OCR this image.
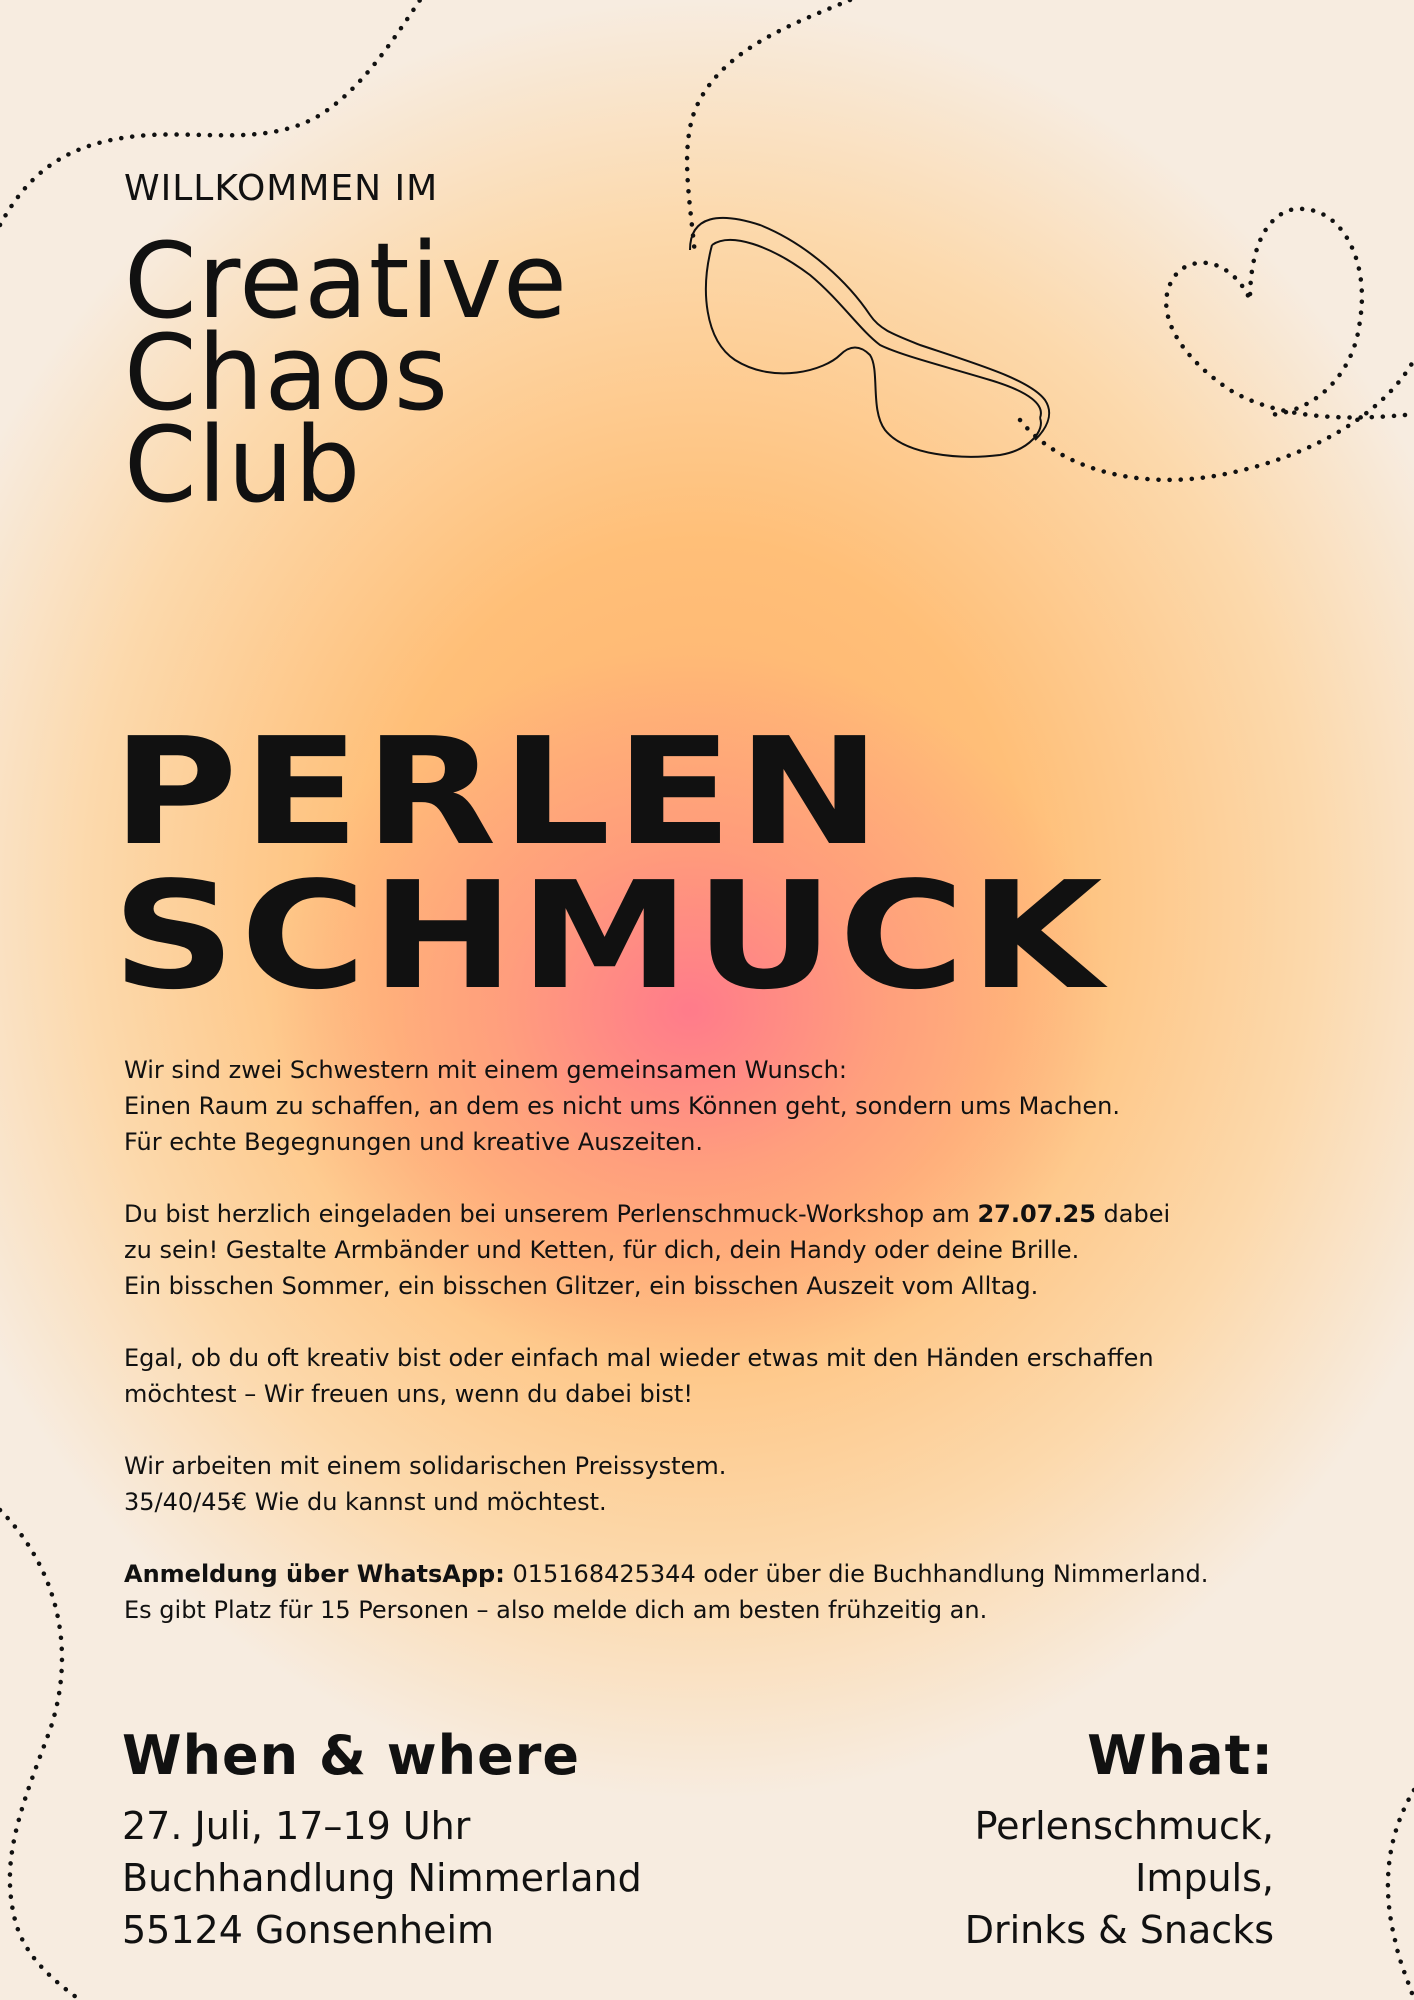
WILLKOMMEN IM
Creative
Chaos
Club
PERLEN
SCHMUCK

Wir sind zwei Schwestern mit einem gemeinsamen Wunsch:
Einen Raum zu schaffen, an dem es nicht ums Können geht, sondern ums Machen.
Für echte Begegnungen und kreative Auszeiten.

Du bist herzlich eingeladen bei unserem Perlenschmuck-Workshop am 27.07.25 dabei
zu sein! Gestalte Armbänder und Ketten, für dich, dein Handy oder deine Brille.
Ein bisschen Sommer, ein bisschen Glitzer, ein bisschen Auszeit vom Alltag.

Egal, ob du oft kreativ bist oder einfach mal wieder etwas mit den Händen erschaffen
möchtest – Wir freuen uns, wenn du dabei bist!

Wir arbeiten mit einem solidarischen Preissystem.
35/40/45€ Wie du kannst und möchtest.

Anmeldung über WhatsApp: 015168425344 oder über die Buchhandlung Nimmerland.
Es gibt Platz für 15 Personen – also melde dich am besten frühzeitig an.

When & where
27. Juli, 17–19 Uhr
Buchhandlung Nimmerland
55124 Gonsenheim
What:
Perlenschmuck,
Impuls,
Drinks & Snacks
